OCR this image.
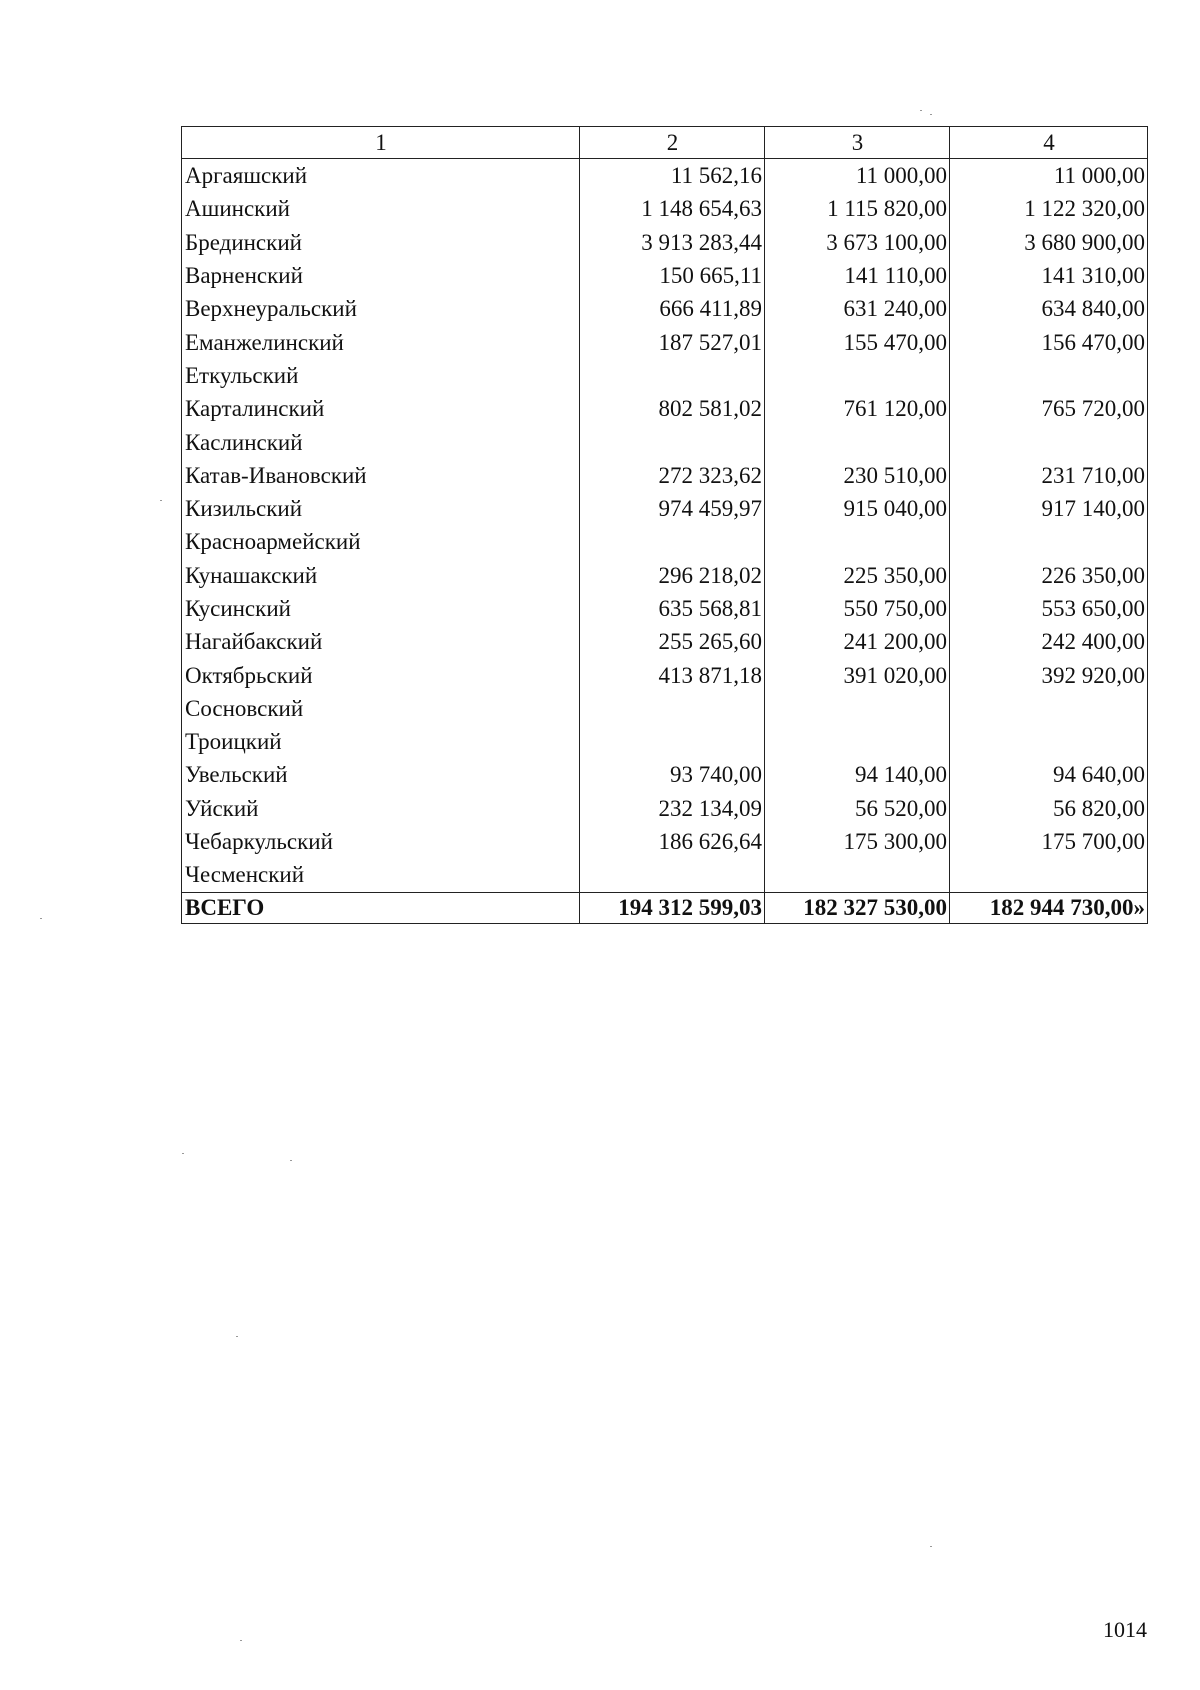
1	2	3	4
Аргаяшский	11 562,16	11 000,00	11 000,00
Ашинский	1 148 654,63	1 115 820,00	1 122 320,00
Брединский	3 913 283,44	3 673 100,00	3 680 900,00
Варненский	150 665,11	141 110,00	141 310,00
Верхнеуральский	666 411,89	631 240,00	634 840,00
Еманжелинский	187 527,01	155 470,00	156 470,00
Еткульский			
Карталинский	802 581,02	761 120,00	765 720,00
Каслинский			
Катав-Ивановский	272 323,62	230 510,00	231 710,00
Кизильский	974 459,97	915 040,00	917 140,00
Красноармейский			
Кунашакский	296 218,02	225 350,00	226 350,00
Кусинский	635 568,81	550 750,00	553 650,00
Нагайбакский	255 265,60	241 200,00	242 400,00
Октябрьский	413 871,18	391 020,00	392 920,00
Сосновский			
Троицкий			
Увельский	93 740,00	94 140,00	94 640,00
Уйский	232 134,09	56 520,00	56 820,00
Чебаркульский	186 626,64	175 300,00	175 700,00
Чесменский			
ВСЕГО	194 312 599,03	182 327 530,00	182 944 730,00»
1014
